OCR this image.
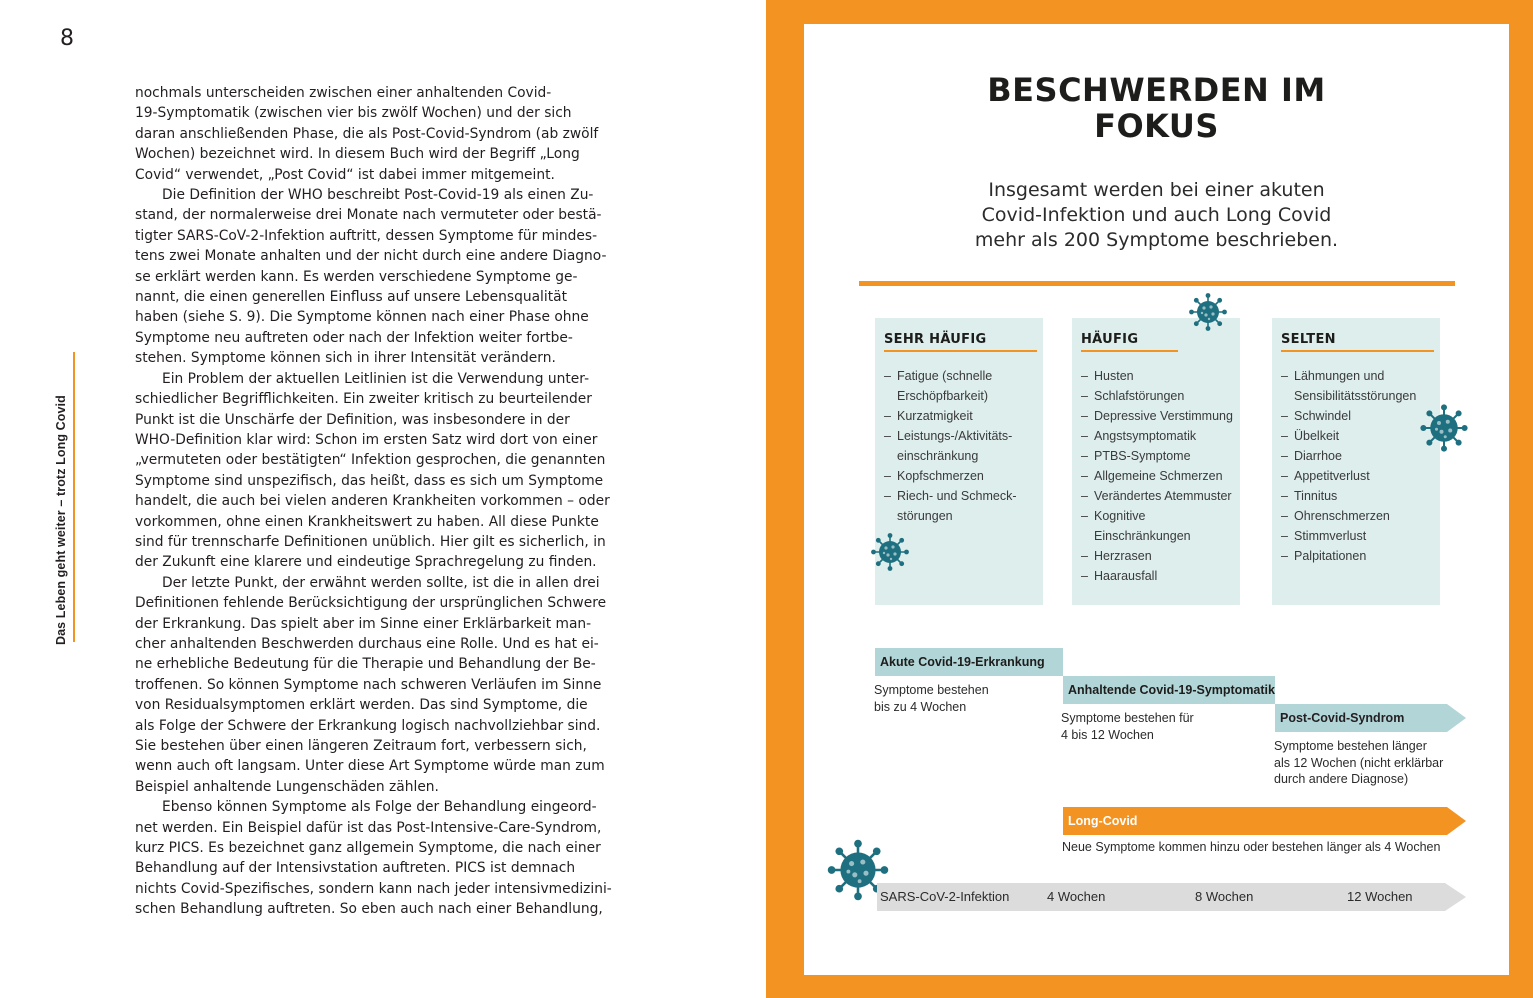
8
Das Leben geht weiter – trotz Long Covid
nochmals unterscheiden zwischen einer anhaltenden Covid-
19-Symptomatik (zwischen vier bis zwölf Wochen) und der sich
daran anschließenden Phase, die als Post-Covid-Syndrom (ab zwölf
Wochen) bezeichnet wird. In diesem Buch wird der Begriff „Long
Covid“ verwendet, „Post Covid“ ist dabei immer mitgemeint.
Die Definition der WHO beschreibt Post-Covid-19 als einen Zu-
stand, der normalerweise drei Monate nach vermuteter oder bestä-
tigter SARS-CoV-2-Infektion auftritt, dessen Symptome für mindes-
tens zwei Monate anhalten und der nicht durch eine andere Diagno-
se erklärt werden kann. Es werden verschiedene Symptome ge-
nannt, die einen generellen Einfluss auf unsere Lebensqualität
haben (siehe S. 9). Die Symptome können nach einer Phase ohne
Symptome neu auftreten oder nach der Infektion weiter fortbe-
stehen. Symptome können sich in ihrer Intensität verändern.
Ein Problem der aktuellen Leitlinien ist die Verwendung unter-
schiedlicher Begrifflichkeiten. Ein zweiter kritisch zu beurteilender
Punkt ist die Unschärfe der Definition, was insbesondere in der
WHO-Definition klar wird: Schon im ersten Satz wird dort von einer
„vermuteten oder bestätigten“ Infektion gesprochen, die genannten
Symptome sind unspezifisch, das heißt, dass es sich um Symptome
handelt, die auch bei vielen anderen Krankheiten vorkommen – oder
vorkommen, ohne einen Krankheitswert zu haben. All diese Punkte
sind für trennscharfe Definitionen unüblich. Hier gilt es sicherlich, in
der Zukunft eine klarere und eindeutige Sprachregelung zu finden.
Der letzte Punkt, der erwähnt werden sollte, ist die in allen drei
Definitionen fehlende Berücksichtigung der ursprünglichen Schwere
der Erkrankung. Das spielt aber im Sinne einer Erklärbarkeit man-
cher anhaltenden Beschwerden durchaus eine Rolle. Und es hat ei-
ne erhebliche Bedeutung für die Therapie und Behandlung der Be-
troffenen. So können Symptome nach schweren Verläufen im Sinne
von Residualsymptomen erklärt werden. Das sind Symptome, die
als Folge der Schwere der Erkrankung logisch nachvollziehbar sind.
Sie bestehen über einen längeren Zeitraum fort, verbessern sich,
wenn auch oft langsam. Unter diese Art Symptome würde man zum
Beispiel anhaltende Lungenschäden zählen.
Ebenso können Symptome als Folge der Behandlung eingeord-
net werden. Ein Beispiel dafür ist das Post-Intensive-Care-Syndrom,
kurz PICS. Es bezeichnet ganz allgemein Symptome, die nach einer
Behandlung auf der Intensivstation auftreten. PICS ist demnach
nichts Covid-Spezifisches, sondern kann nach jeder intensivmedizini-
schen Behandlung auftreten. So eben auch nach einer Behandlung,
BESCHWERDEN IM
FOKUS
Insgesamt werden bei einer akuten
Covid-Infektion und auch Long Covid
mehr als 200 Symptome beschrieben.
SEHR HÄUFIG
– Fatigue (schnelle
Erschöpfbarkeit)
– Kurzatmigkeit
– Leistungs-/Aktivitäts-
einschränkung
– Kopfschmerzen
– Riech- und Schmeck-
störungen
HÄUFIG
– Husten
– Schlafstörungen
– Depressive Verstimmung
– Angstsymptomatik
– PTBS-Symptome
– Allgemeine Schmerzen
– Verändertes Atemmuster
– Kognitive
Einschränkungen
– Herzrasen
– Haarausfall
SELTEN
– Lähmungen und
Sensibilitätsstörungen
– Schwindel
– Übelkeit
– Diarrhoe
– Appetitverlust
– Tinnitus
– Ohrenschmerzen
– Stimmverlust
– Palpitationen
Akute Covid-19-Erkrankung
Symptome bestehen
bis zu 4 Wochen
Anhaltende Covid-19-Symptomatik
Symptome bestehen für
4 bis 12 Wochen
Post-Covid-Syndrom
Symptome bestehen länger
als 12 Wochen (nicht erklärbar
durch andere Diagnose)
Long-Covid
Neue Symptome kommen hinzu oder bestehen länger als 4 Wochen
SARS-CoV-2-Infektion	4 Wochen	8 Wochen	12 Wochen
